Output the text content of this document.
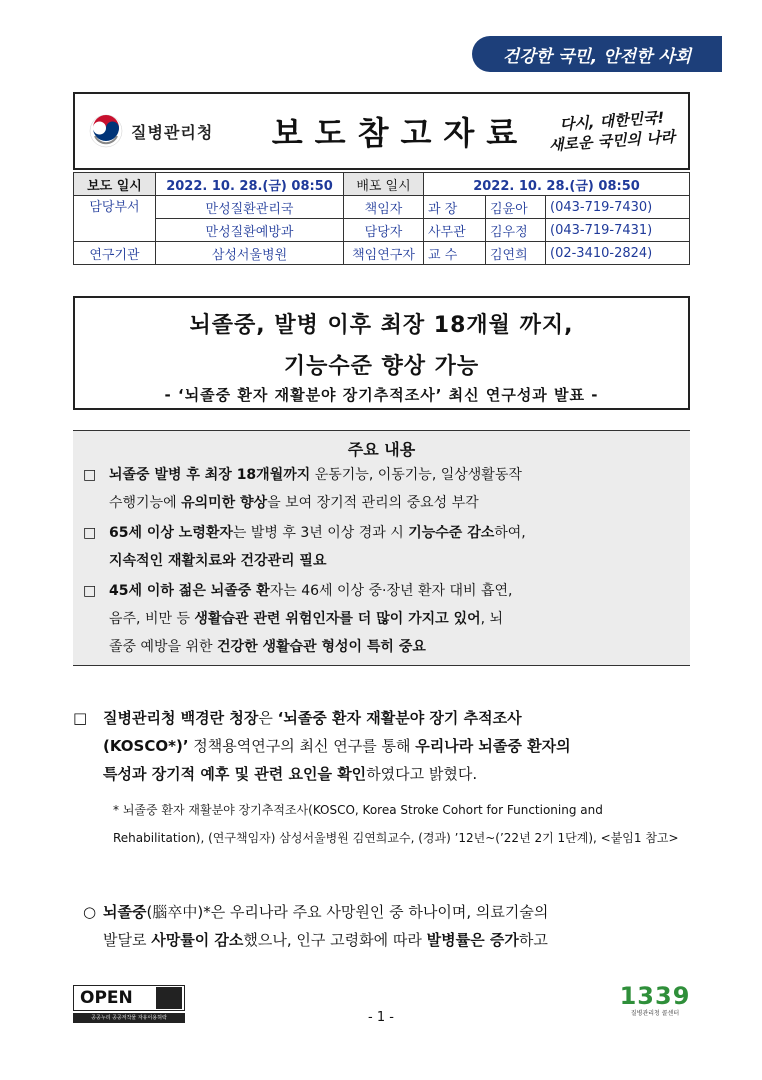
건강한 국민, 안전한 사회
질병관리청	보도참고자료	다시, 대한민국!
새로운 국민의 나라
보도 일시	2022. 10. 28.(금) 08:50	배포 일시	2022. 10. 28.(금) 08:50		
담당부서	만성질환관리국	책임자	과 장	김윤아	(043-719-7430)
	만성질환예방과	담당자	사무관	김우정	(043-719-7431)
연구기관	삼성서울병원	책임연구자	교 수	김연희	(02-3410-2824)
뇌졸중, 발병 이후 최장 18개월 까지,
기능수준 향상 가능
- ‘뇌졸중 환자 재활분야 장기추적조사’ 최신 연구성과 발표 -
주요 내용
□ 뇌졸중 발병 후 최장 18개월까지 운동기능, 이동기능, 일상생활동작
수행기능에 유의미한 향상을 보여 장기적 관리의 중요성 부각
□ 65세 이상 노령환자는 발병 후 3년 이상 경과 시 기능수준 감소하여,
지속적인 재활치료와 건강관리 필요
□ 45세 이하 젊은 뇌졸중 환자는 46세 이상 중·장년 환자 대비 흡연,
음주, 비만 등 생활습관 관련 위험인자를 더 많이 가지고 있어, 뇌
졸중 예방을 위한 건강한 생활습관 형성이 특히 중요
□ 질병관리청 백경란 청장은 ‘뇌졸중 환자 재활분야 장기 추적조사
(KOSCO*)’ 정책용역연구의 최신 연구를 통해 우리나라 뇌졸중 환자의
특성과 장기적 예후 및 관련 요인을 확인하였다고 밝혔다.
* 뇌졸중 환자 재활분야 장기추적조사(KOSCO, Korea Stroke Cohort for Functioning and Rehabilitation), (연구책임자) 삼성서울병원 김연희교수, (경과) ’12년~(’22년 2기 1단계), <붙임1 참고>
○ 뇌졸중(腦卒中)*은 우리나라 주요 사망원인 중 하나이며, 의료기술의
발달로 사망률이 감소했으나, 인구 고령화에 따라 발병률은 증가하고
OPEN
공공누리 공공저작물 자유이용허락	- 1 -
1339
질병관리청 콜센터
